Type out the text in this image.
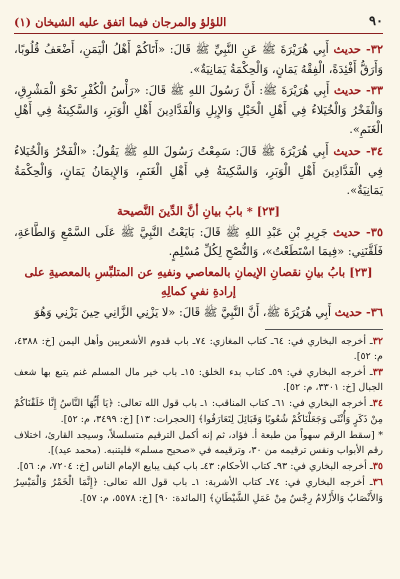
٩٠
اللؤلؤ والمرجان فيما اتفق عليه الشيخان (١)

٣٢- حديث أَبِي هُرَيْرَةَ ﷺ عَنِ النَّبِيِّ ﷺ قَالَ: «أَتَاكُمْ أَهْلُ الْيَمَنِ، أَضْعَفُ قُلُوبًا، وَأَرَقُّ أَفْئِدَةً، الْفِقْهُ يَمَانٍ، وَالْحِكْمَةُ يَمَانِيَةٌ».

٣٣- حديث أَبِي هُرَيْرَةَ ﷺ: أَنَّ رَسُولَ اللهِ ﷺ قَالَ: «رَأْسُ الْكُفْرِ نَحْوَ الْمَشْرِقِ، وَالْفَخْرُ وَالْخُيَلاءُ فِي أَهْلِ الْخَيْلِ وَالإِبِلِ وَالْفَدَّادِينَ أَهْلِ الْوَبَرِ، وَالسَّكِينَةُ فِي أَهْلِ الْغَنَمِ».

٣٤- حديث أَبِي هُرَيْرَةَ ﷺ قَالَ: سَمِعْتُ رَسُولَ اللهِ ﷺ يَقُولُ: «الْفَخْرُ وَالْخُيَلاءُ فِي الْفَدَّادِينَ أَهْلِ الْوَبَرِ، وَالسَّكِينَةُ فِي أَهْلِ الْغَنَمِ، وَالإِيمَانُ يَمَانٍ، وَالْحِكْمَةُ يَمَانِيَةٌ».

[٢٣] * بابُ بيانِ أنَّ الدِّينَ النَّصيحة

٣٥- حديث جَرِيرِ بْنِ عَبْدِ اللهِ ﷺ قَالَ: بَايَعْتُ النَّبِيَّ ﷺ عَلَى السَّمْعِ وَالطَّاعَةِ، فَلَقَّنَنِي: «فِيمَا اسْتَطَعْتُ»، وَالنُّصْحِ لِكُلِّ مُسْلِمٍ.

[٢٣] بابُ بيانِ نقصانِ الإيمانِ بالمعاصي ونفيهِ عن المتلبِّسِ بالمعصيةِ على إرادةِ نفيِ كمالِهِ

٣٦- حديث أَبِي هُرَيْرَةَ ﷺ، أَنَّ النَّبِيَّ ﷺ قَالَ: «لا يَزْنِي الزَّانِي حِينَ يَزْنِي وَهُوَ

٣٢ـ أخرجه البخاري في: ٦٤ـ كتاب المغازي: ٧٤ـ باب قدوم الأشعريين وأهل اليمن [خ: ٤٣٨٨، م: ٥٢].

٣٣ـ أخرجه البخاري في: ٥٩ـ كتاب بدء الخلق: ١٥ـ باب خير مال المسلم غنم يتبع بها شعف الجبال [خ: ٣٣٠١، م: ٥٢].

٣٤ـ أخرجه البخاري في: ٦١ـ كتاب المناقب: ١ـ باب قول الله تعالى: ﴿يَا أَيُّهَا النَّاسُ إِنَّا خَلَقْنَاكُمْ مِنْ ذَكَرٍ وَأُنْثَى وَجَعَلْنَاكُمْ شُعُوبًا وَقَبَائِلَ لِتَعَارَفُوا﴾ [الحجرات: ١٣] [خ: ٣٤٩٩، م: ٥٢].

* [سقط الرقم سهواً من طبعة أ. فؤاد، ثم إنه أكمل الترقيم متسلسلاً، وسيجد القارئ، اختلاف رقم الأبواب ونفس ترقيمه من ٣٠، وترقيمه في «صحيح مسلم» فليتنبه. (محمد عيد)].

٣٥ـ أخرجه البخاري في: ٩٣ـ كتاب الأحكام: ٤٣ـ باب كيف يبايع الإمام الناس [خ: ٧٢٠٤، م: ٥٦].

٣٦ـ أخرجه البخاري في: ٧٤ـ كتاب الأشربة: ١ـ باب قول الله تعالى: ﴿إِنَّمَا الْخَمْرُ وَالْمَيْسِرُ وَالأَنْصَابُ وَالأَزْلامُ رِجْسٌ مِنْ عَمَلِ الشَّيْطَانِ﴾ [المائدة: ٩٠] [خ: ٥٥٧٨، م: ٥٧].
